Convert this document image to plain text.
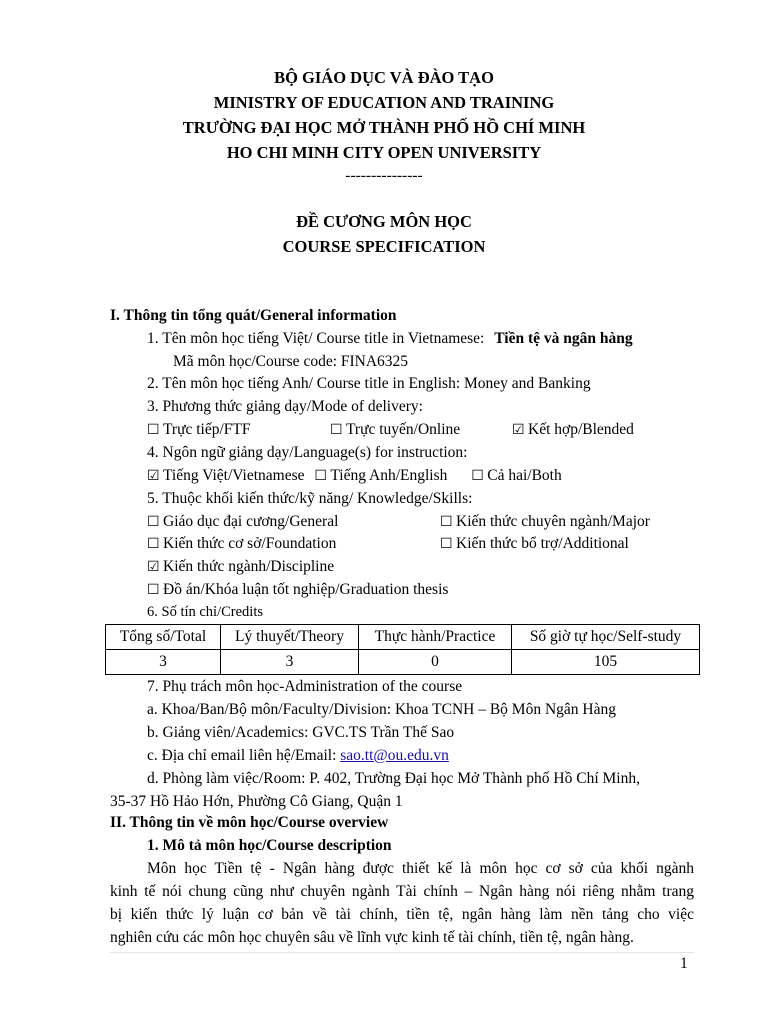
BỘ GIÁO DỤC VÀ ĐÀO TẠO
MINISTRY OF EDUCATION AND TRAINING
TRƯỜNG ĐẠI HỌC MỞ THÀNH PHỐ HỒ CHÍ MINH
HO CHI MINH CITY OPEN UNIVERSITY
---------------
ĐỀ CƯƠNG MÔN HỌC
COURSE SPECIFICATION
I. Thông tin tổng quát/General information
1. Tên môn học tiếng Việt/ Course title in Vietnamese: Tiền tệ và ngân hàng
Mã môn học/Course code: FINA6325
2. Tên môn học tiếng Anh/ Course title in English: Money and Banking
3. Phương thức giảng dạy/Mode of delivery:
☐ Trực tiếp/FTF	☐ Trực tuyến/Online	☑ Kết hợp/Blended
4. Ngôn ngữ giảng dạy/Language(s) for instruction:
☑ Tiếng Việt/Vietnamese ☐ Tiếng Anh/English ☐ Cả hai/Both
5. Thuộc khối kiến thức/kỹ năng/ Knowledge/Skills:
☐ Giáo dục đại cương/General	☐ Kiến thức chuyên ngành/Major
☐ Kiến thức cơ sở/Foundation	☐ Kiến thức bổ trợ/Additional
☑ Kiến thức ngành/Discipline
☐ Đồ án/Khóa luận tốt nghiệp/Graduation thesis
6. Số tín chỉ/Credits
Tổng số/Total	Lý thuyết/Theory	Thực hành/Practice	Số giờ tự học/Self-study
3	3	0	105
7. Phụ trách môn học-Administration of the course
a. Khoa/Ban/Bộ môn/Faculty/Division: Khoa TCNH – Bộ Môn Ngân Hàng
b. Giảng viên/Academics: GVC.TS Trần Thế Sao
c. Địa chỉ email liên hệ/Email: sao.tt@ou.edu.vn
d. Phòng làm việc/Room: P. 402, Trường Đại học Mở Thành phố Hồ Chí Minh,
35-37 Hồ Hảo Hớn, Phường Cô Giang, Quận 1
II. Thông tin về môn học/Course overview
1. Mô tả môn học/Course description
Môn học Tiền tệ - Ngân hàng được thiết kế là môn học cơ sở của khối ngành
kinh tế nói chung cũng như chuyên ngành Tài chính – Ngân hàng nói riêng nhằm trang
bị kiến thức lý luận cơ bản về tài chính, tiền tệ, ngân hàng làm nền tảng cho việc
nghiên cứu các môn học chuyên sâu về lĩnh vực kinh tế tài chính, tiền tệ, ngân hàng.
1
